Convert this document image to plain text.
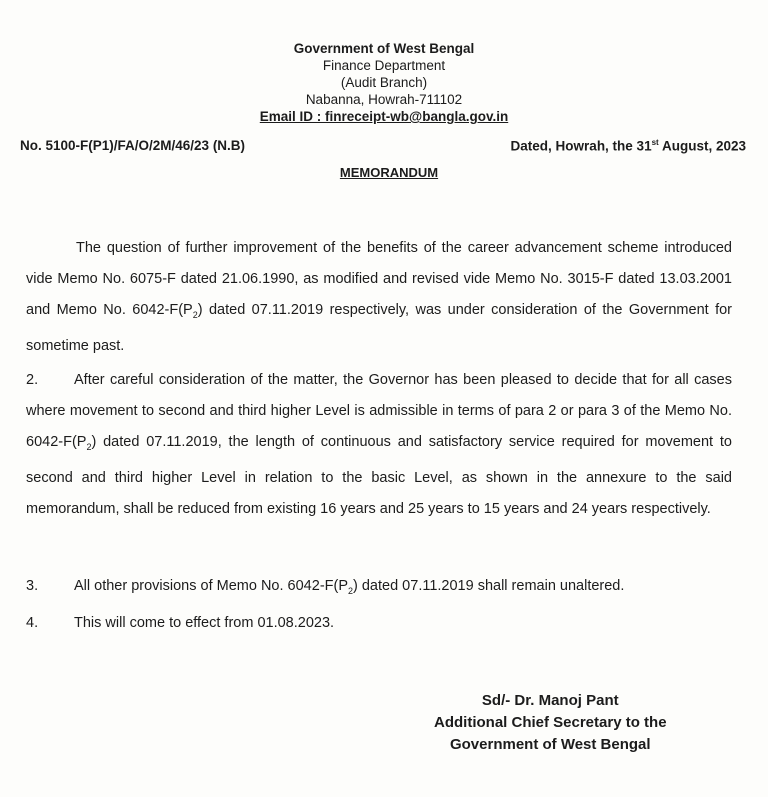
Government of West Bengal
Finance Department
(Audit Branch)
Nabanna, Howrah-711102
Email ID : finreceipt-wb@bangla.gov.in
No. 5100-F(P1)/FA/O/2M/46/23 (N.B)	Dated, Howrah, the 31st August, 2023
MEMORANDUM
The question of further improvement of the benefits of the career advancement scheme introduced vide Memo No. 6075-F dated 21.06.1990, as modified and revised vide Memo No. 3015-F dated 13.03.2001 and Memo No. $6042-F(P_2)$ dated 07.11.2019 respectively, was under consideration of the Government for sometime past.
2. After careful consideration of the matter, the Governor has been pleased to decide that for all cases where movement to second and third higher Level is admissible in terms of para 2 or para 3 of the Memo No. $6042-F(P_2)$ dated 07.11.2019, the length of continuous and satisfactory service required for movement to second and third higher Level in relation to the basic Level, as shown in the annexure to the said memorandum, shall be reduced from existing 16 years and 25 years to 15 years and 24 years respectively.
3. All other provisions of Memo No. $6042-F(P_2)$ dated 07.11.2019 shall remain unaltered.
4. This will come to effect from 01.08.2023.
Sd/- Dr. Manoj Pant
Additional Chief Secretary to the
Government of West Bengal
